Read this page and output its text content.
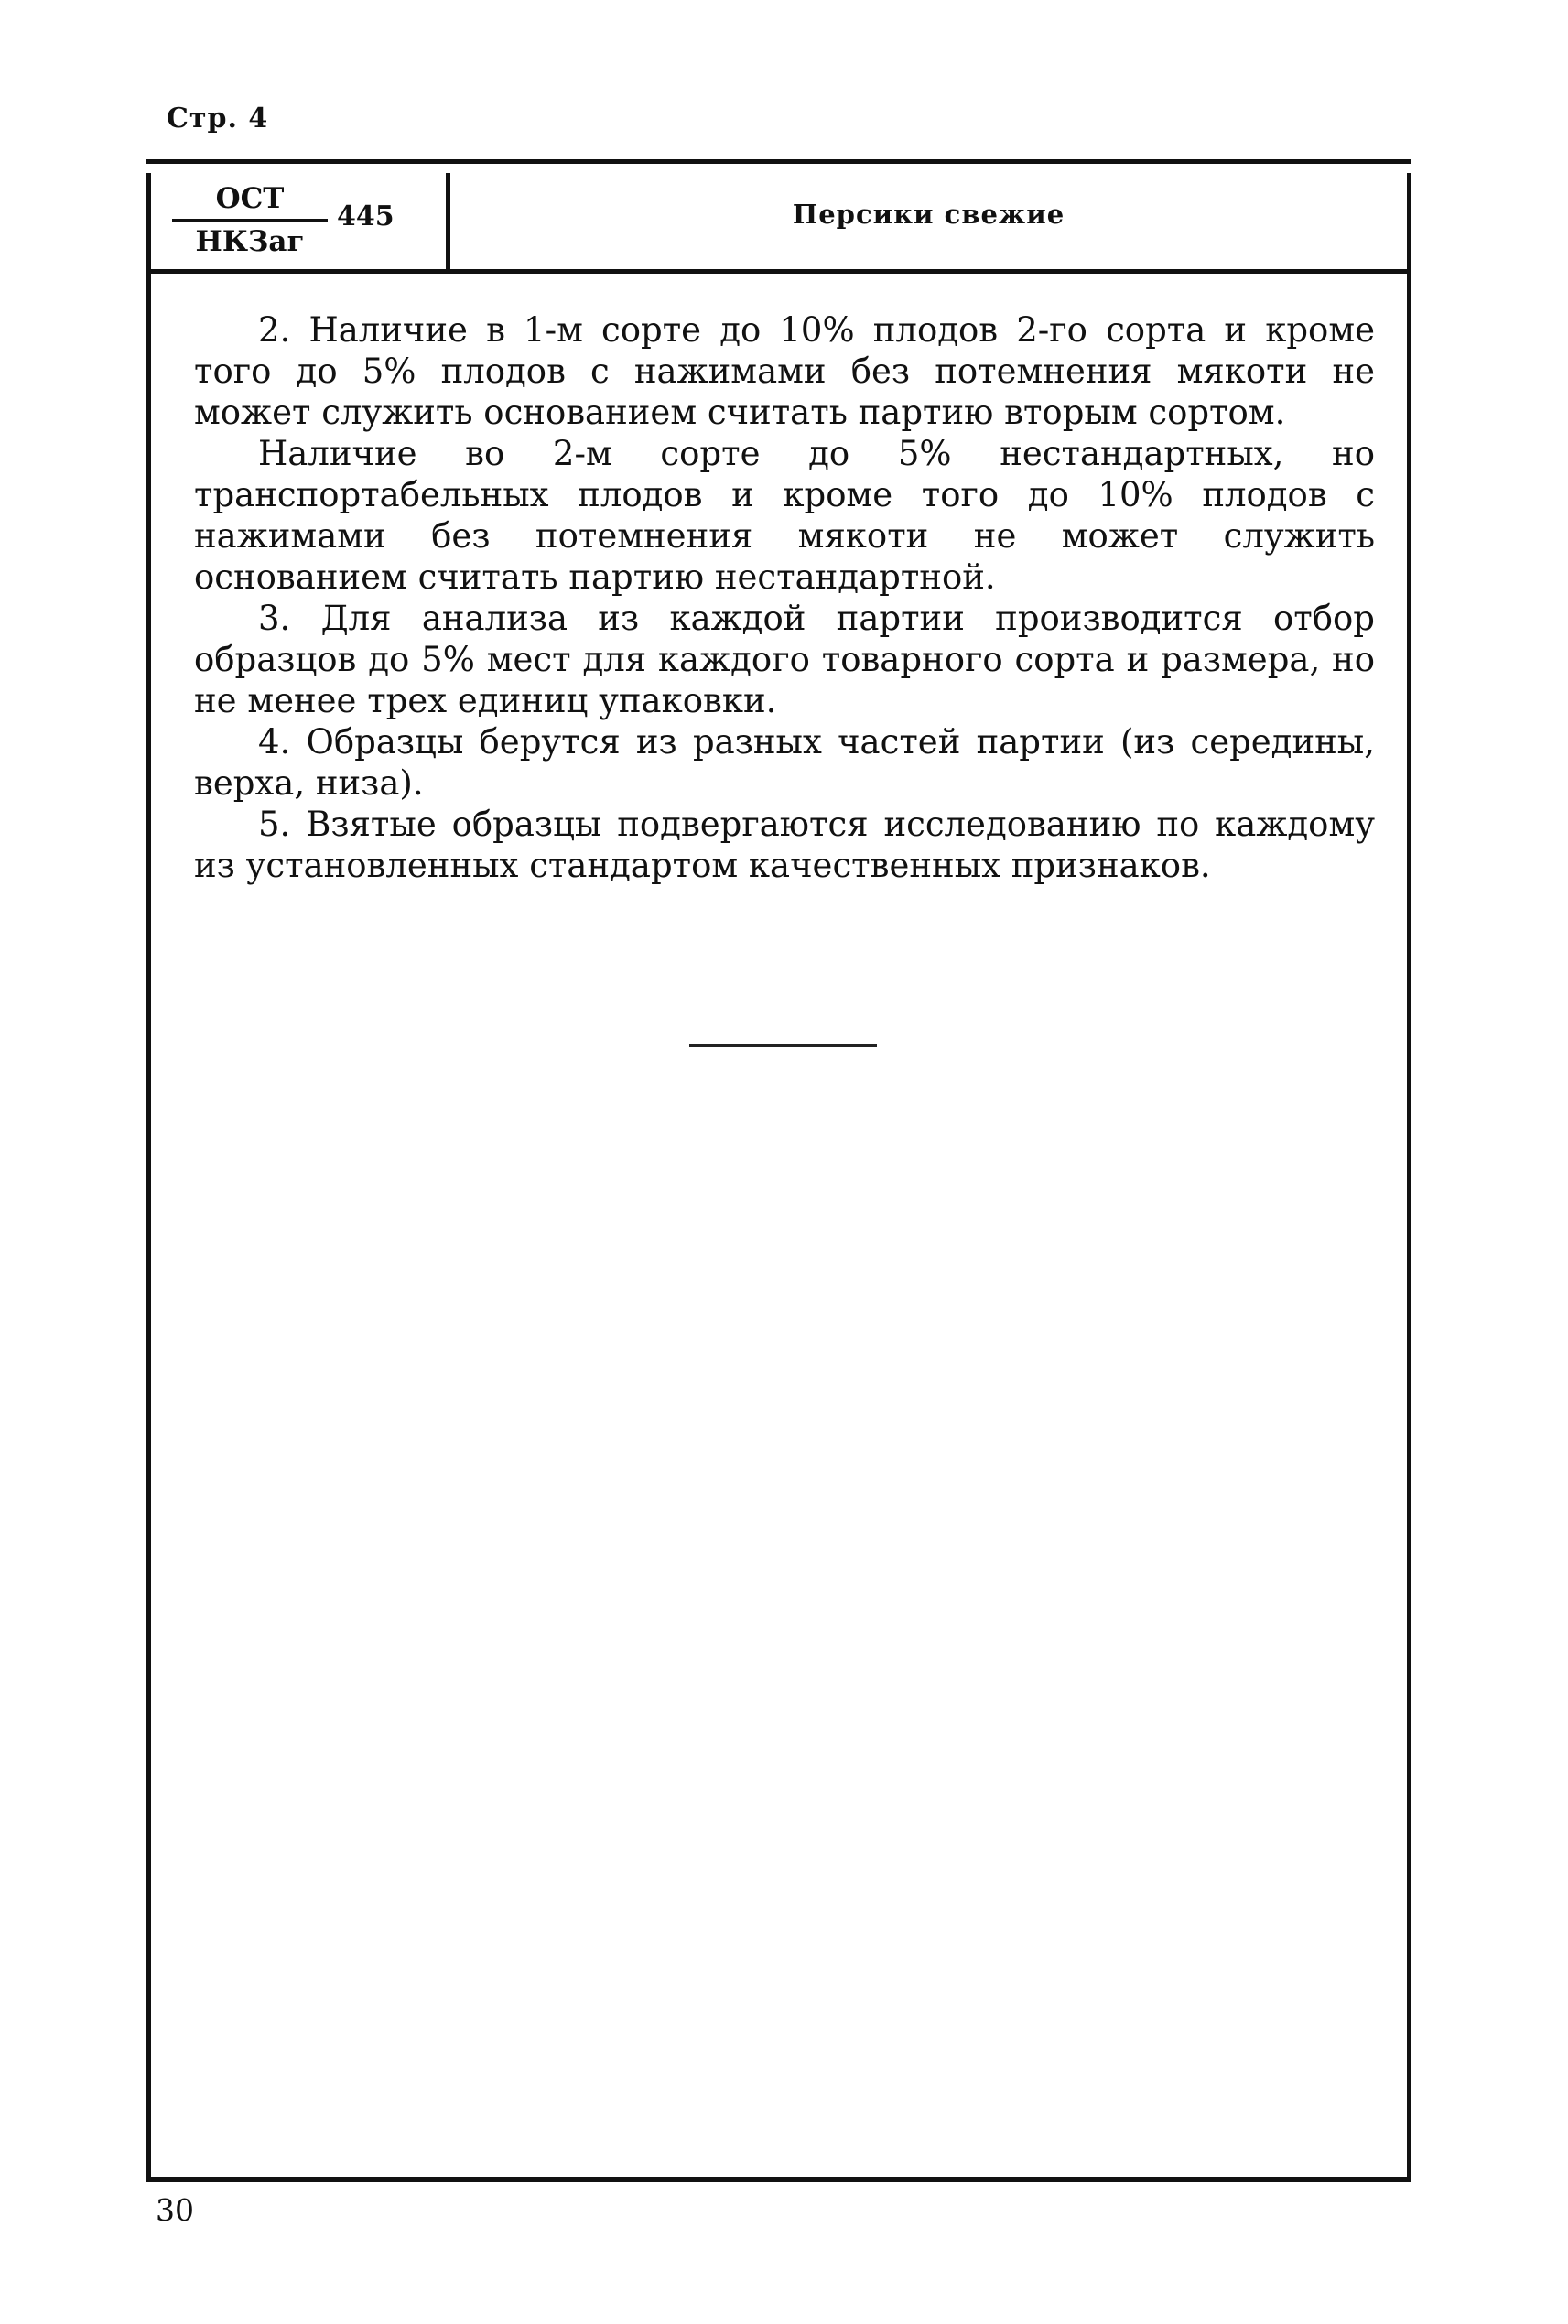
Стр. 4
ОСТ
НКЗаг
445	Персики свежие

2. Наличие в 1-м сорте до 10% плодов 2-го сорта и кроме того до 5% плодов с нажимами без потемнения мякоти не может служить основанием считать партию вторым сортом.

Наличие во 2-м сорте до 5% нестандартных, но транспортабельных плодов и кроме того до 10% плодов с нажимами без потемнения мякоти не может служить основанием считать партию нестандартной.

3. Для анализа из каждой партии производится отбор образцов до 5% мест для каждого товарного сорта и размера, но не менее трех единиц упаковки.

4. Образцы берутся из разных частей партии (из середины, верха, низа).

5. Взятые образцы подвергаются исследованию по каждому из установленных стандартом качественных признаков.

30
